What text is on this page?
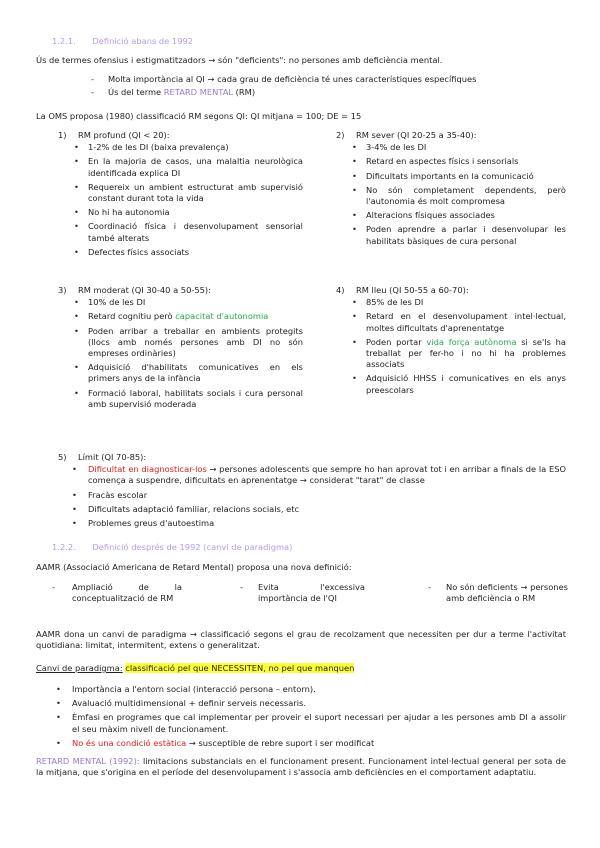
1.2.1. Definició abans de 1992
Ús de termes ofensius i estigmatitzadors → són "deficients": no persones amb deficiència mental.
- Molta importància al QI → cada grau de deficiència té unes característiques específiques
- Ús del terme RETARD MENTAL (RM)
La OMS proposa (1980) classificació RM segons QI: QI mitjana = 100; DE = 15
1) RM profund (QI < 20):
• 1-2% de les DI (baixa prevalença)
• En la majoria de casos, una malaltia neurològica identificada explica DI
• Requereix un ambient estructurat amb supervisió constant durant tota la vida
• No hi ha autonomia
• Coordinació física i desenvolupament sensorial també alterats
• Defectes físics associats
2) RM sever (QI 20-25 a 35-40):
• 3-4% de les DI
• Retard en aspectes físics i sensorials
• Dificultats importants en la comunicació
• No són completament dependents, però l'autonomia és molt compromesa
• Alteracions físiques associades
• Poden aprendre a parlar i desenvolupar les habilitats bàsiques de cura personal
3) RM moderat (QI 30-40 a 50-55):
• 10% de les DI
• Retard cognitiu però capacitat d'autonomia
• Poden arribar a treballar en ambients protegits (llocs amb només persones amb DI no són empreses ordinàries)
• Adquisició d'habilitats comunicatives en els primers anys de la infància
• Formació laboral, habilitats socials i cura personal amb supervisió moderada
4) RM lleu (QI 50-55 a 60-70):
• 85% de les DI
• Retard en el desenvolupament intel·lectual, moltes dificultats d'aprenentatge
• Poden portar vida força autònoma si se'ls ha treballat per fer-ho i no hi ha problemes associats
• Adquisició HHSS i comunicatives en els anys preescolars
5) Límit (QI 70-85):
• Dificultat en diagnosticar-los → persones adolescents que sempre ho han aprovat tot i en arribar a finals de la ESO comença a suspendre, dificultats en aprenentatge → considerat "tarat" de classe
• Fracàs escolar
• Dificultats adaptació familiar, relacions socials, etc
• Problemes greus d'autoestima
1.2.2. Definició després de 1992 (canvi de paradigma)
AAMR (Associació Americana de Retard Mental) proposa una nova definició:
- Ampliació de la conceptualització de RM
- Evita l'excessiva importància de l'QI
- No són deficients → persones amb deficiència o RM
AAMR dona un canvi de paradigma → classificació segons el grau de recolzament que necessiten per dur a terme l'activitat quotidiana: limitat, intermitent, extens o generalitzat.
Canvi de paradigma: classificació pel que NECESSITEN, no pel que manquen
• Importància a l'entorn social (interacció persona – entorn).
• Avaluació multidimensional + definir serveis necessaris.
• Èmfasi en programes que cal implementar per proveir el suport necessari per ajudar a les persones amb DI a assolir el seu màxim nivell de funcionament.
• No és una condició estàtica → susceptible de rebre suport i ser modificat
RETARD MENTAL (1992): limitacions substancials en el funcionament present. Funcionament intel·lectual general per sota de la mitjana, que s'origina en el període del desenvolupament i s'associa amb deficiències en el comportament adaptatiu.
